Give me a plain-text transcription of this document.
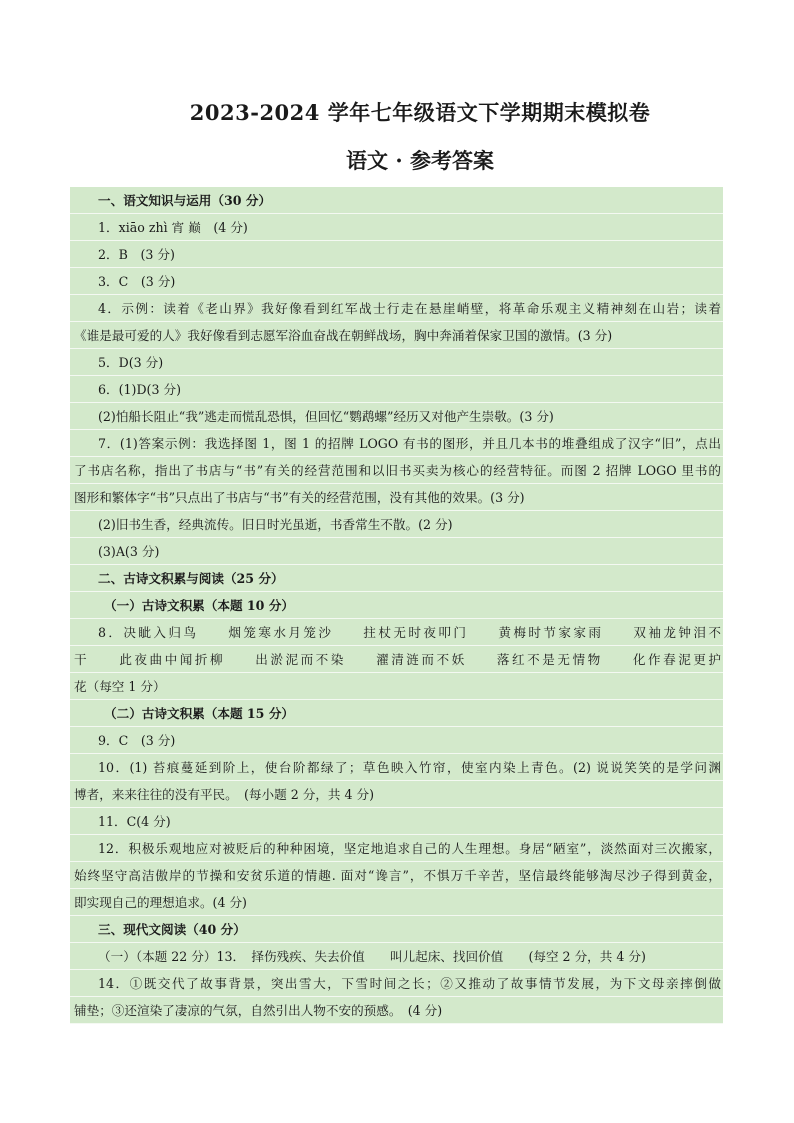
2023-2024 学年七年级语文下学期期末模拟卷
语文 · 参考答案
一、语文知识与运用（30 分）
1．xiāo zhì 宵 巅　(4 分)
2．B　(3 分)
3．C　(3 分)
4．示例：读着《老山界》我好像看到红军战士行走在悬崖峭壁，将革命乐观主义精神刻在山岩；读着
《谁是最可爱的人》我好像看到志愿军浴血奋战在朝鲜战场，胸中奔涌着保家卫国的激情。(3 分)
5．D(3 分)
6．(1)D(3 分)
(2)怕船长阻止“我”逃走而慌乱恐惧，但回忆“鹦鹉螺”经历又对他产生崇敬。(3 分)
7．(1)答案示例：我选择图 1，图 1 的招牌 LOGO 有书的图形，并且几本书的堆叠组成了汉字“旧”，点出
了书店名称，指出了书店与“书”有关的经营范围和以旧书买卖为核心的经营特征。而图 2 招牌 LOGO 里书的
图形和繁体字“书”只点出了书店与“书”有关的经营范围，没有其他的效果。(3 分)
(2)旧书生香，经典流传。旧日时光虽逝，书香常生不散。(2 分)
(3)A(3 分)
二、古诗文积累与阅读（25 分）
（一）古诗文积累（本题 10 分）
8．决眦入归鸟　　烟笼寒水月笼沙　　拄杖无时夜叩门　　黄梅时节家家雨　　双袖龙钟泪不
干　　此夜曲中闻折柳　　出淤泥而不染　　濯清涟而不妖　　落红不是无情物　　化作春泥更护
花（每空 1 分）
（二）古诗文积累（本题 15 分）
9．C　(3 分)
10．(1) 苔痕蔓延到阶上，使台阶都绿了；草色映入竹帘，使室内染上青色。(2) 说说笑笑的是学问渊
博者，来来往往的没有平民。　(每小题 2 分，共 4 分)
11．C(4 分)
12．积极乐观地应对被贬后的种种困境，坚定地追求自己的人生理想。身居“陋室”，淡然面对三次搬家，
始终坚守高洁傲岸的节操和安贫乐道的情趣. 面对“谗言”，不惧万千辛苦，坚信最终能够淘尽沙子得到黄金，
即实现自己的理想追求。(4 分)
三、现代文阅读（40 分）
（一）（本题 22 分）13．　择伤残疾、失去价值　　叫儿起床、找回价值　　(每空 2 分，共 4 分)
14．①既交代了故事背景，突出雪大，下雪时间之长；②又推动了故事情节发展，为下文母亲摔倒做
铺垫；③还渲染了凄凉的气氛，自然引出人物不安的预感。　(4 分)
